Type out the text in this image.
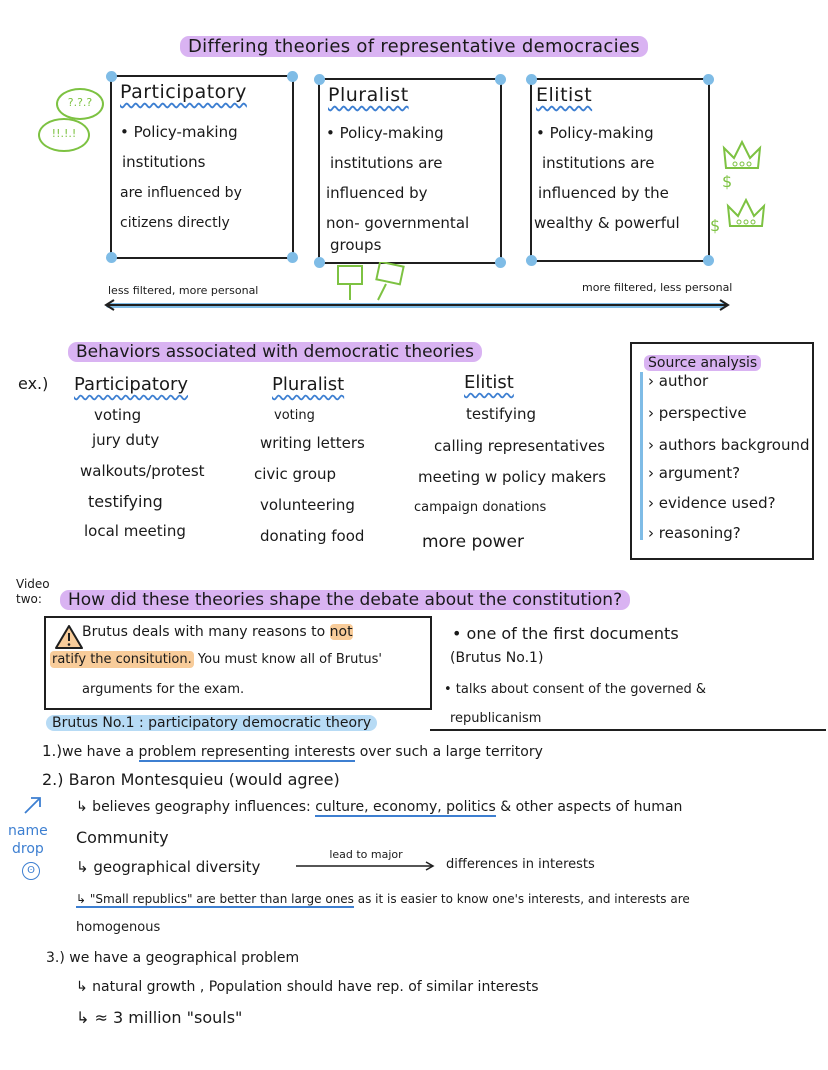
Differing theories of representative democracies
?.?.?
!!.!.!
Participatory
• Policy-making
institutions
are influenced by
citizens directly
Pluralist
• Policy-making
institutions are
influenced by
non- governmental
groups
Elitist
• Policy-making
institutions are
influenced by the
wealthy & powerful
$
$
less filtered, more personal	more filtered, less personal
Behaviors associated with democratic theories
ex.) Participatory
voting
jury duty
walkouts/protest
testifying
local meeting
Pluralist
voting
writing letters
civic group
volunteering
donating food
Elitist
testifying
calling representatives
meeting w policy makers
campaign donations
more power
Source analysis
› author
› perspective
› authors background
› argument?
› evidence used?
› reasoning?
Video
two:	How did these theories shape the debate about the constitution?
Brutus deals with many reasons to not
ratify the consitution. You must know all of Brutus'
arguments for the exam.
• one of the first documents
(Brutus No.1)
• talks about consent of the governed &
republicanism
Brutus No.1 : participatory democratic theory
1.)we have a problem representing interests over such a large territory
2.) Baron Montesquieu (would agree)
↳ believes geography influences: culture, economy, politics & other aspects of human
Community
↳ geographical diversity
lead to major
differences in interests
↳ "Small republics" are better than large ones as it is easier to know one's interests, and interests are
homogenous
3.) we have a geographical problem
↳ natural growth , Population should have rep. of similar interests
↳ ≈ 3 million "souls"
name
drop
ʘ
